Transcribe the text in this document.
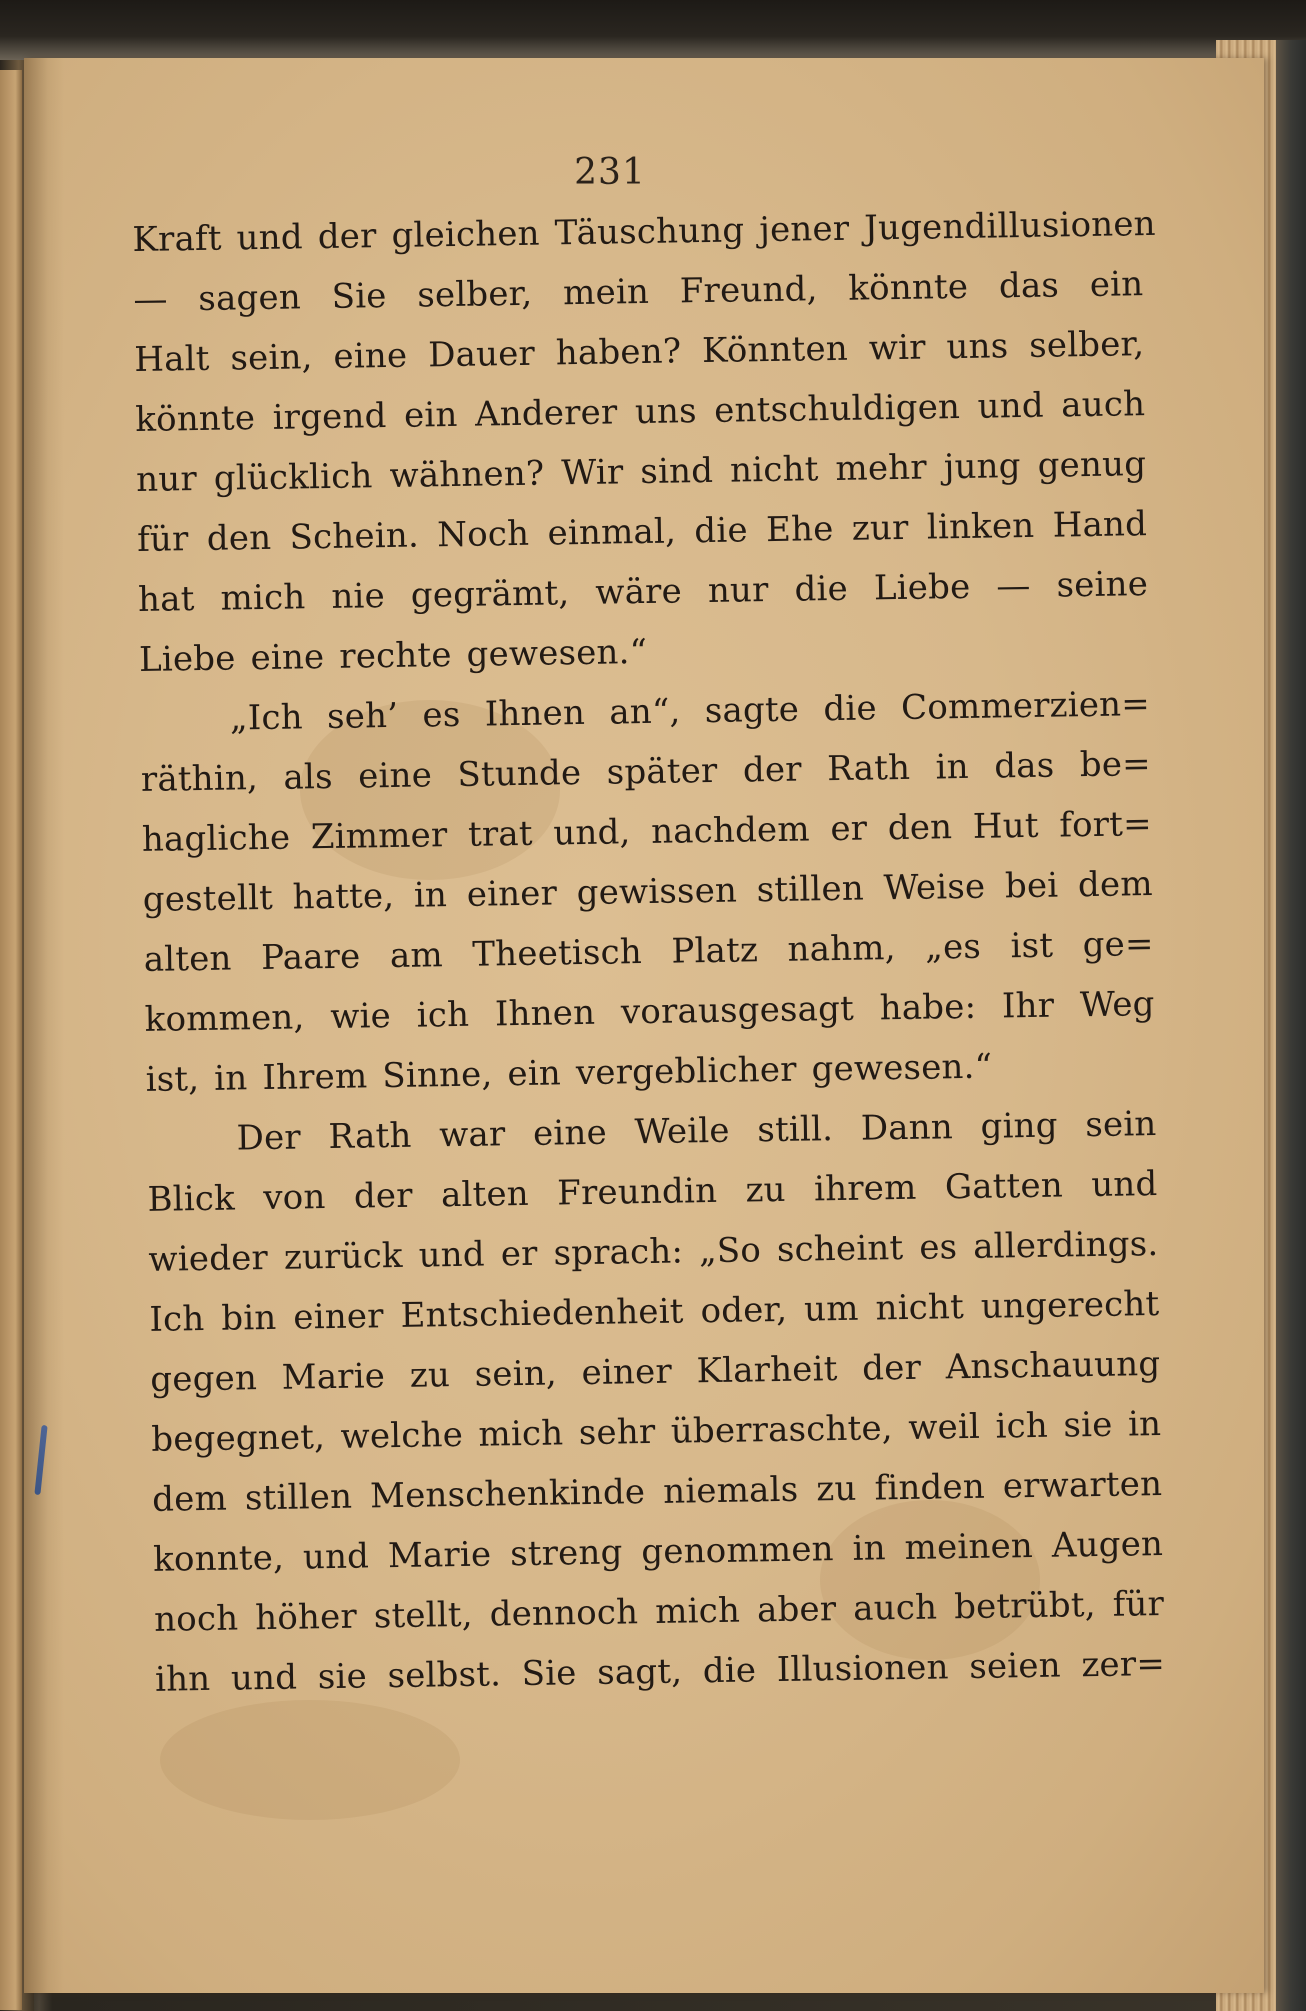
231
Kraft und der gleichen Täuschung jener Jugendillusionen
— sagen Sie selber, mein Freund, könnte das ein
Halt sein, eine Dauer haben? Könnten wir uns selber,
könnte irgend ein Anderer uns entschuldigen und auch
nur glücklich wähnen? Wir sind nicht mehr jung genug
für den Schein. Noch einmal, die Ehe zur linken Hand
hat mich nie gegrämt, wäre nur die Liebe — seine
Liebe eine rechte gewesen.“
„Ich seh’ es Ihnen an“, sagte die Commerzien=
räthin, als eine Stunde später der Rath in das be=
hagliche Zimmer trat und, nachdem er den Hut fort=
gestellt hatte, in einer gewissen stillen Weise bei dem
alten Paare am Theetisch Platz nahm, „es ist ge=
kommen, wie ich Ihnen vorausgesagt habe: Ihr Weg
ist, in Ihrem Sinne, ein vergeblicher gewesen.“
Der Rath war eine Weile still. Dann ging sein
Blick von der alten Freundin zu ihrem Gatten und
wieder zurück und er sprach: „So scheint es allerdings.
Ich bin einer Entschiedenheit oder, um nicht ungerecht
gegen Marie zu sein, einer Klarheit der Anschauung
begegnet, welche mich sehr überraschte, weil ich sie in
dem stillen Menschenkinde niemals zu finden erwarten
konnte, und Marie streng genommen in meinen Augen
noch höher stellt, dennoch mich aber auch betrübt, für
ihn und sie selbst. Sie sagt, die Illusionen seien zer=
